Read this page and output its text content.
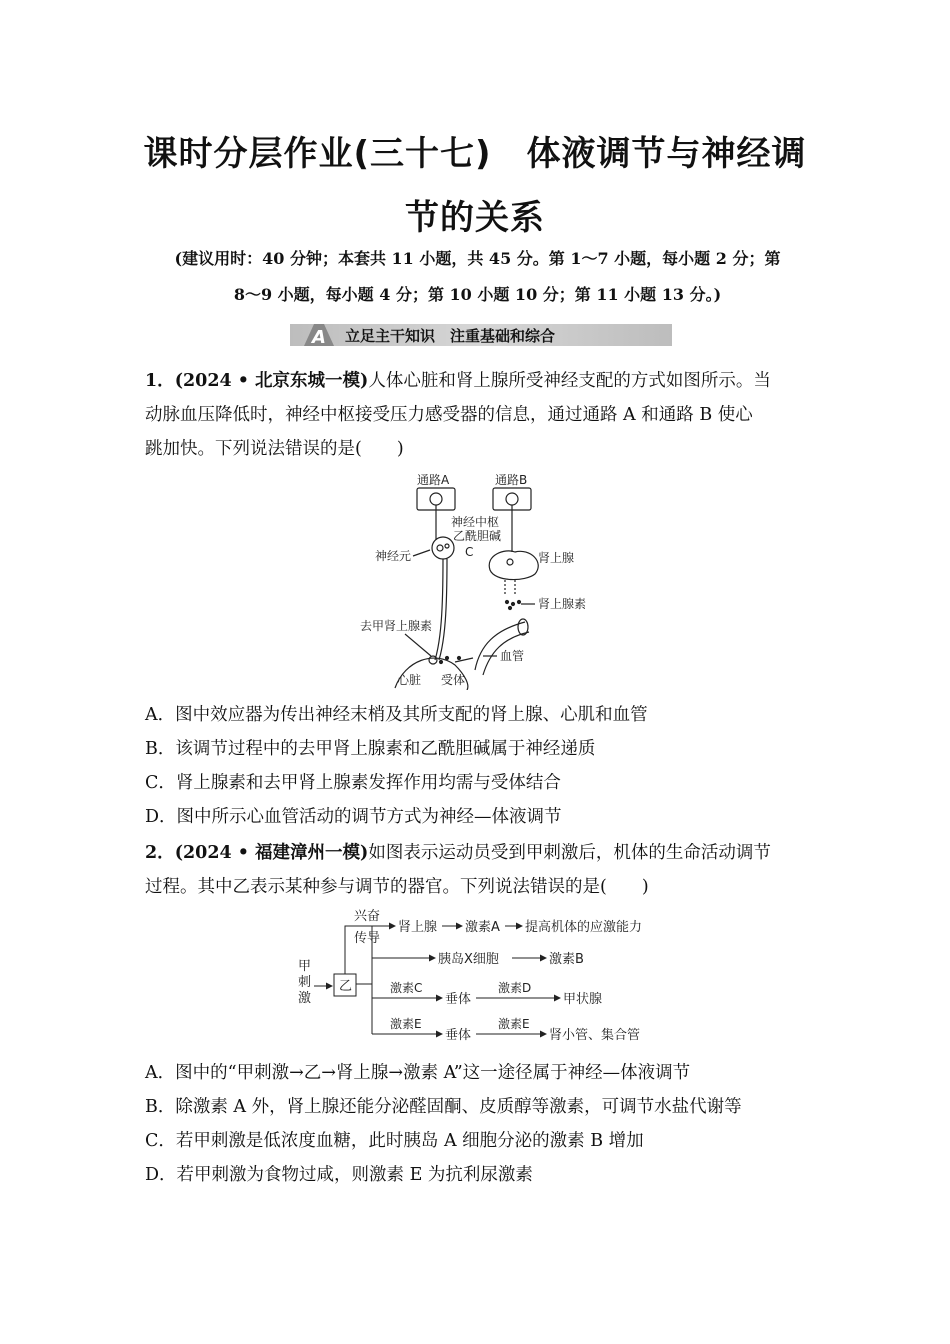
课时分层作业(三十七)　体液调节与神经调
节的关系
(建议用时：40 分钟；本套共 11 小题，共 45 分。第 1～7 小题，每小题 2 分；第
8～9 小题，每小题 4 分；第 10 小题 10 分；第 11 小题 13 分。)
A 立足主干知识　注重基础和综合
1．(2024 • 北京东城一模)人体心脏和肾上腺所受神经支配的方式如图所示。当
动脉血压降低时，神经中枢接受压力感受器的信息，通过通路 A 和通路 B 使心
跳加快。下列说法错误的是(　　)
通路A	通路B
神经中枢
乙酰胆碱
神经元	C	肾上腺
肾上腺素
血管
去甲肾上腺素
心脏 受体
A．图中效应器为传出神经末梢及其所支配的肾上腺、心肌和血管
B．该调节过程中的去甲肾上腺素和乙酰胆碱属于神经递质
C．肾上腺素和去甲肾上腺素发挥作用均需与受体结合
D．图中所示心血管活动的调节方式为神经—体液调节
2．(2024 • 福建漳州一模)如图表示运动员受到甲刺激后，机体的生命活动调节
过程。其中乙表示某种参与调节的器官。下列说法错误的是(　　)
甲
刺
激
乙
兴奋
传导
肾上腺 激素A 提高机体的应激能力
胰岛X细胞	激素B
激素C
垂体
激素D
甲状腺
激素E
垂体
激素E
肾小管、集合管
A．图中的“甲刺激→乙→肾上腺→激素 A”这一途径属于神经—体液调节
B．除激素 A 外，肾上腺还能分泌醛固酮、皮质醇等激素，可调节水盐代谢等
C．若甲刺激是低浓度血糖，此时胰岛 A 细胞分泌的激素 B 增加
D．若甲刺激为食物过咸，则激素 E 为抗利尿激素
